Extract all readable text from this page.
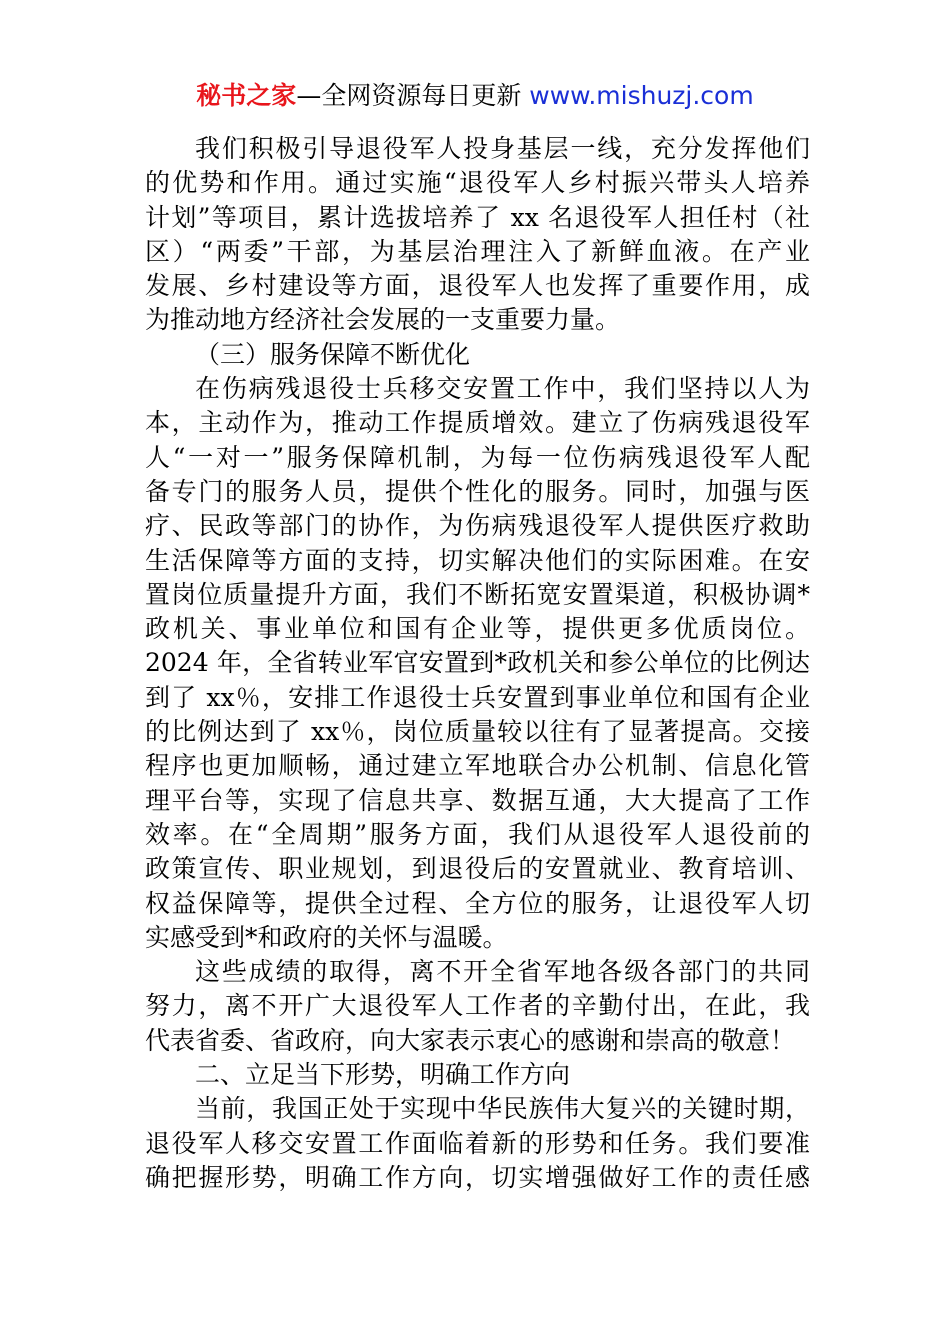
秘书之家—全网资源每日更新 www.mishuzj.com
我们积极引导退役军人投身基层一线，充分发挥他们
的优势和作用。通过实施“退役军人乡村振兴带头人培养
计划”等项目，累计选拔培养了 xx 名退役军人担任村（社
区）“两委”干部，为基层治理注入了新鲜血液。在产业
发展、乡村建设等方面，退役军人也发挥了重要作用，成
为推动地方经济社会发展的一支重要力量。
（三）服务保障不断优化
在伤病残退役士兵移交安置工作中，我们坚持以人为
本，主动作为，推动工作提质增效。建立了伤病残退役军
人“一对一”服务保障机制，为每一位伤病残退役军人配
备专门的服务人员，提供个性化的服务。同时，加强与医
疗、民政等部门的协作，为伤病残退役军人提供医疗救助
生活保障等方面的支持，切实解决他们的实际困难。在安
置岗位质量提升方面，我们不断拓宽安置渠道，积极协调*
政机关、事业单位和国有企业等，提供更多优质岗位。
2024 年，全省转业军官安置到*政机关和参公单位的比例达
到了 xx％，安排工作退役士兵安置到事业单位和国有企业
的比例达到了 xx％，岗位质量较以往有了显著提高。交接
程序也更加顺畅，通过建立军地联合办公机制、信息化管
理平台等，实现了信息共享、数据互通，大大提高了工作
效率。在“全周期”服务方面，我们从退役军人退役前的
政策宣传、职业规划，到退役后的安置就业、教育培训、
权益保障等，提供全过程、全方位的服务，让退役军人切
实感受到*和政府的关怀与温暖。
这些成绩的取得，离不开全省军地各级各部门的共同
努力，离不开广大退役军人工作者的辛勤付出，在此，我
代表省委、省政府，向大家表示衷心的感谢和崇高的敬意！
二、立足当下形势，明确工作方向
当前，我国正处于实现中华民族伟大复兴的关键时期，
退役军人移交安置工作面临着新的形势和任务。我们要准
确把握形势，明确工作方向，切实增强做好工作的责任感
